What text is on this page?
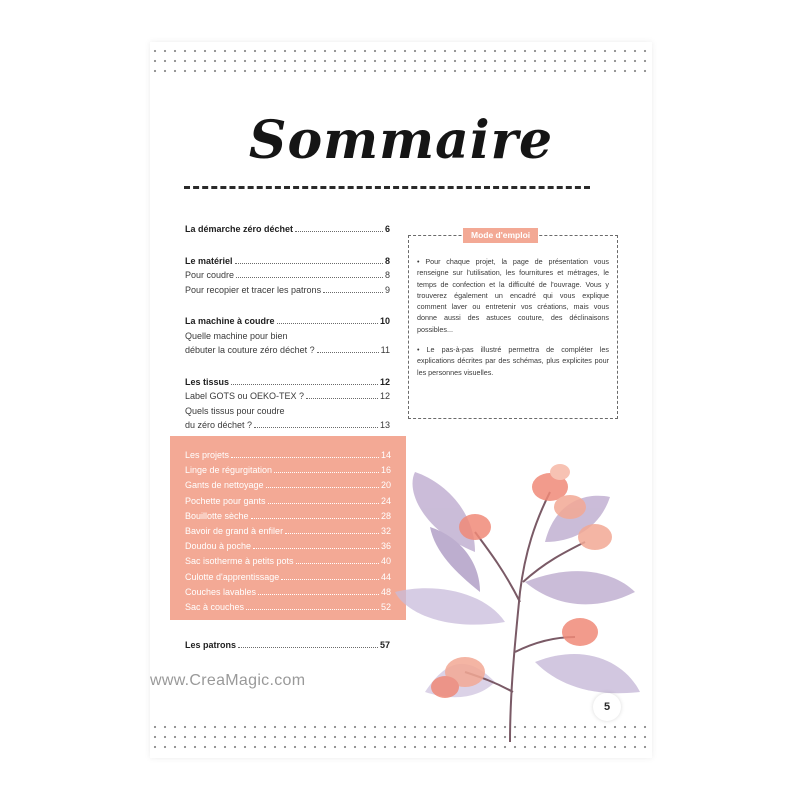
Sommaire
La démarche zéro déchet	6
Le matériel	8
Pour coudre	8
Pour recopier et tracer les patrons	9
La machine à coudre	10
Quelle machine pour bien
débuter la couture zéro déchet ?	11
Les tissus	12
Label GOTS ou OEKO-TEX ?	12
Quels tissus pour coudre
du zéro déchet ?	13
Les projets	14
Linge de régurgitation	16
Gants de nettoyage	20
Pochette pour gants	24
Bouillotte sèche	28
Bavoir de grand à enfiler	32
Doudou à poche	36
Sac isotherme à petits pots	40
Culotte d'apprentissage	44
Couches lavables	48
Sac à couches	52
Les patrons	57
Mode d'emploi

• Pour chaque projet, la page de présentation vous renseigne sur l'utilisation, les fournitures et métrages, le temps de confection et la difficulté de l'ouvrage. Vous y trouverez également un encadré qui vous explique comment laver ou entretenir vos créations, mais vous donne aussi des astuces couture, des déclinaisons possibles...

• Le pas-à-pas illustré permettra de compléter les explications décrites par des schémas, plus explicites pour les personnes visuelles.

5
www.CreaMagic.com
